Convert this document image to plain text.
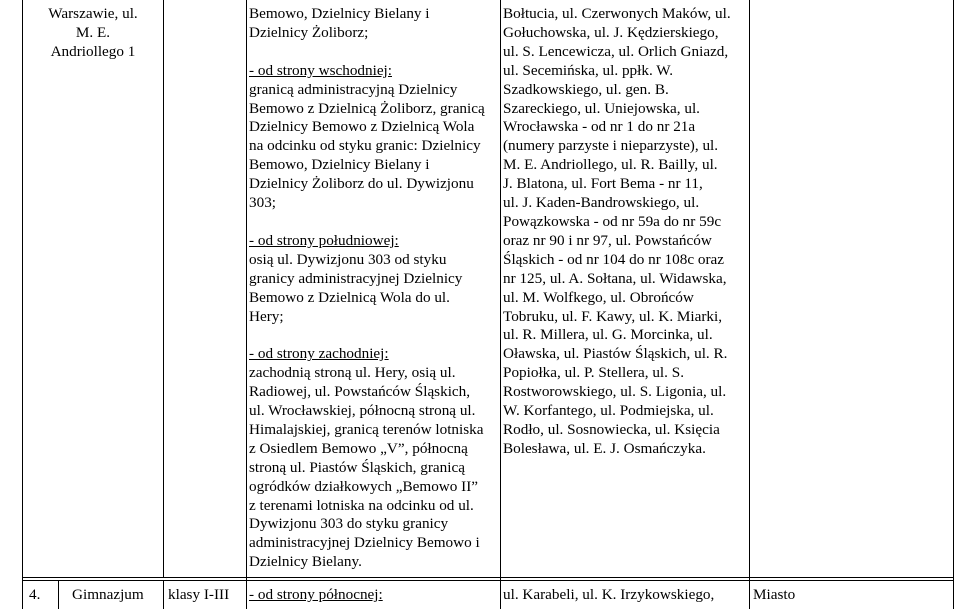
Warszawie, ul.

M. E.

Andriollego 1

Bemowo, Dzielnicy Bielany i

Dzielnicy Żoliborz;

- od strony wschodniej:

granicą administracyjną Dzielnicy

Bemowo z Dzielnicą Żoliborz, granicą

Dzielnicy Bemowo z Dzielnicą Wola

na odcinku od styku granic: Dzielnicy

Bemowo, Dzielnicy Bielany i

Dzielnicy Żoliborz do ul. Dywizjonu

303;

- od strony południowej:

osią ul. Dywizjonu 303 od styku

granicy administracyjnej Dzielnicy

Bemowo z Dzielnicą Wola do ul.

Hery;

- od strony zachodniej:

zachodnią stroną ul. Hery, osią ul.

Radiowej, ul. Powstańców Śląskich,

ul. Wrocławskiej, północną stroną ul.

Himalajskiej, granicą terenów lotniska

z Osiedlem Bemowo „V”, północną

stroną ul. Piastów Śląskich, granicą

ogródków działkowych „Bemowo II”

z terenami lotniska na odcinku od ul.

Dywizjonu 303 do styku granicy

administracyjnej Dzielnicy Bemowo i

Dzielnicy Bielany.

Bołtucia, ul. Czerwonych Maków, ul.

Gołuchowska, ul. J. Kędzierskiego,

ul. S. Lencewicza, ul. Orlich Gniazd,

ul. Secemińska, ul. ppłk. W.

Szadkowskiego, ul. gen. B.

Szareckiego, ul. Uniejowska, ul.

Wrocławska - od nr 1 do nr 21a

(numery parzyste i nieparzyste), ul.

M. E. Andriollego, ul. R. Bailly, ul.

J. Blatona, ul. Fort Bema - nr 11,

ul. J. Kaden-Bandrowskiego, ul.

Powązkowska - od nr 59a do nr 59c

oraz nr 90 i nr 97, ul. Powstańców

Śląskich - od nr 104 do nr 108c oraz

nr 125, ul. A. Sołtana, ul. Widawska,

ul. M. Wolfkego, ul. Obrońców

Tobruku, ul. F. Kawy, ul. K. Miarki,

ul. R. Millera, ul. G. Morcinka, ul.

Oławska, ul. Piastów Śląskich, ul. R.

Popiołka, ul. P. Stellera, ul. S.

Rostworowskiego, ul. S. Ligonia, ul.

W. Korfantego, ul. Podmiejska, ul.

Rodło, ul. Sosnowiecka, ul. Księcia

Bolesława, ul. E. J. Osmańczyka.

4. Gimnazjum klasy I-III - od strony północnej:	ul. Karabeli, ul. K. Irzykowskiego,	Miasto
